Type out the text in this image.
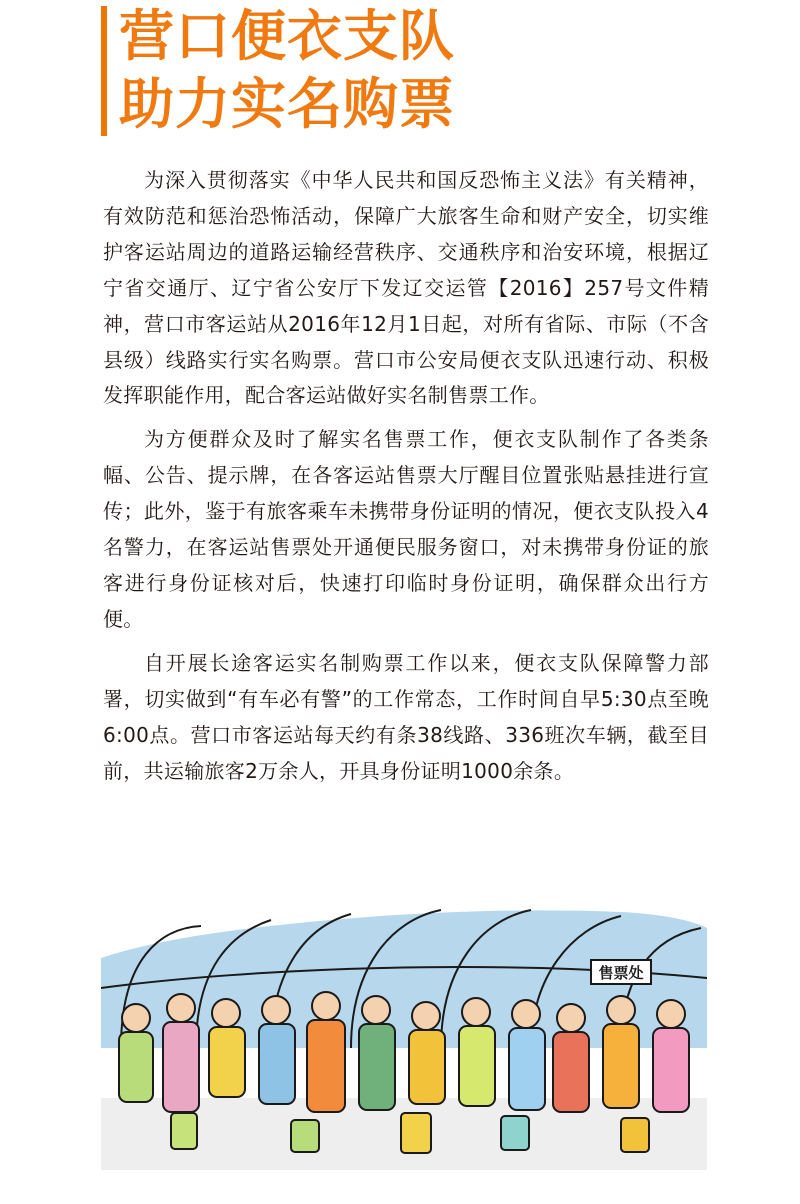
营口便衣支队
助力实名购票

为深入贯彻落实《中华人民共和国反恐怖主义法》有关精神，有效防范和惩治恐怖活动，保障广大旅客生命和财产安全，切实维护客运站周边的道路运输经营秩序、交通秩序和治安环境，根据辽宁省交通厅、辽宁省公安厅下发辽交运管【2016】257号文件精神，营口市客运站从2016年12月1日起，对所有省际、市际（不含县级）线路实行实名购票。营口市公安局便衣支队迅速行动、积极发挥职能作用，配合客运站做好实名制售票工作。

为方便群众及时了解实名售票工作，便衣支队制作了各类条幅、公告、提示牌，在各客运站售票大厅醒目位置张贴悬挂进行宣传；此外，鉴于有旅客乘车未携带身份证明的情况，便衣支队投入4名警力，在客运站售票处开通便民服务窗口，对未携带身份证的旅客进行身份证核对后，快速打印临时身份证明，确保群众出行方便。

自开展长途客运实名制购票工作以来，便衣支队保障警力部署，切实做到“有车必有警”的工作常态，工作时间自早5:30点至晚6:00点。营口市客运站每天约有条38线路、336班次车辆，截至目前，共运输旅客2万余人，开具身份证明1000余条。

售票处
